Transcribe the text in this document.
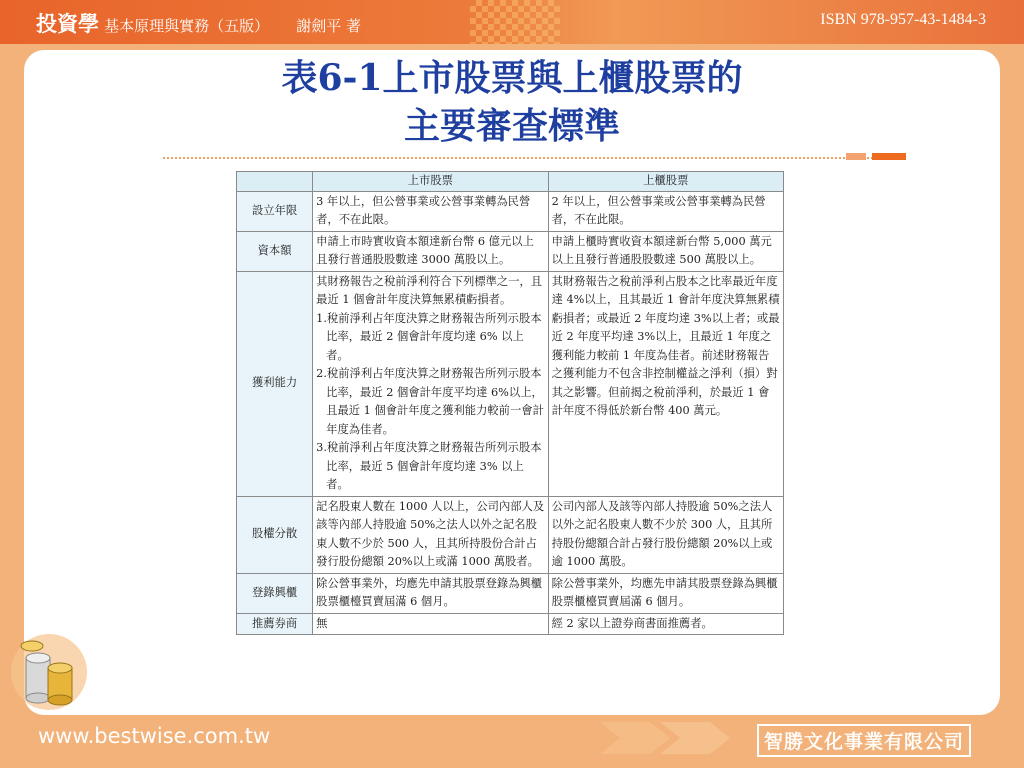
投資學 基本原理與實務（五版） 謝劍平 著	ISBN 978-957-43-1484-3
表6-1上市股票與上櫃股票的
主要審查標準
	上市股票	上櫃股票
設立年限	3 年以上，但公營事業或公營事業轉為民營者，不在此限。	2 年以上，但公營事業或公營事業轉為民營者，不在此限。
資本額	申請上市時實收資本額達新台幣 6 億元以上且發行普通股股數達 3000 萬股以上。	申請上櫃時實收資本額達新台幣 5,000 萬元以上且發行普通股股數達 500 萬股以上。
獲利能力	其財務報告之稅前淨利符合下列標準之一，且最近 1 個會計年度決算無累積虧損者。
1.稅前淨利占年度決算之財務報告所列示股本比率，最近 2 個會計年度均達 6% 以上者。
2.稅前淨利占年度決算之財務報告所列示股本比率，最近 2 個會計年度平均達 6%以上，且最近 1 個會計年度之獲利能力較前一會計年度為佳者。
3.稅前淨利占年度決算之財務報告所列示股本比率，最近 5 個會計年度均達 3% 以上者。	其財務報告之稅前淨利占股本之比率最近年度達 4%以上，且其最近 1 會計年度決算無累積虧損者；或最近 2 年度均達 3%以上者；或最近 2 年度平均達 3%以上，且最近 1 年度之獲利能力較前 1 年度為佳者。前述財務報告之獲利能力不包含非控制權益之淨利（損）對其之影響。但前揭之稅前淨利，於最近 1 會計年度不得低於新台幣 400 萬元。
股權分散	記名股東人數在 1000 人以上，公司內部人及該等內部人持股逾 50%之法人以外之記名股東人數不少於 500 人，且其所持股份合計占發行股份總額 20%以上或滿 1000 萬股者。	公司內部人及該等內部人持股逾 50%之法人以外之記名股東人數不少於 300 人，且其所持股份總額合計占發行股份總額 20%以上或逾 1000 萬股。
登錄興櫃	除公營事業外，均應先申請其股票登錄為興櫃股票櫃檯買賣屆滿 6 個月。	除公營事業外，均應先申請其股票登錄為興櫃股票櫃檯買賣屆滿 6 個月。
推薦券商	無	經 2 家以上證券商書面推薦者。
www.bestwise.com.tw	智勝文化事業有限公司
